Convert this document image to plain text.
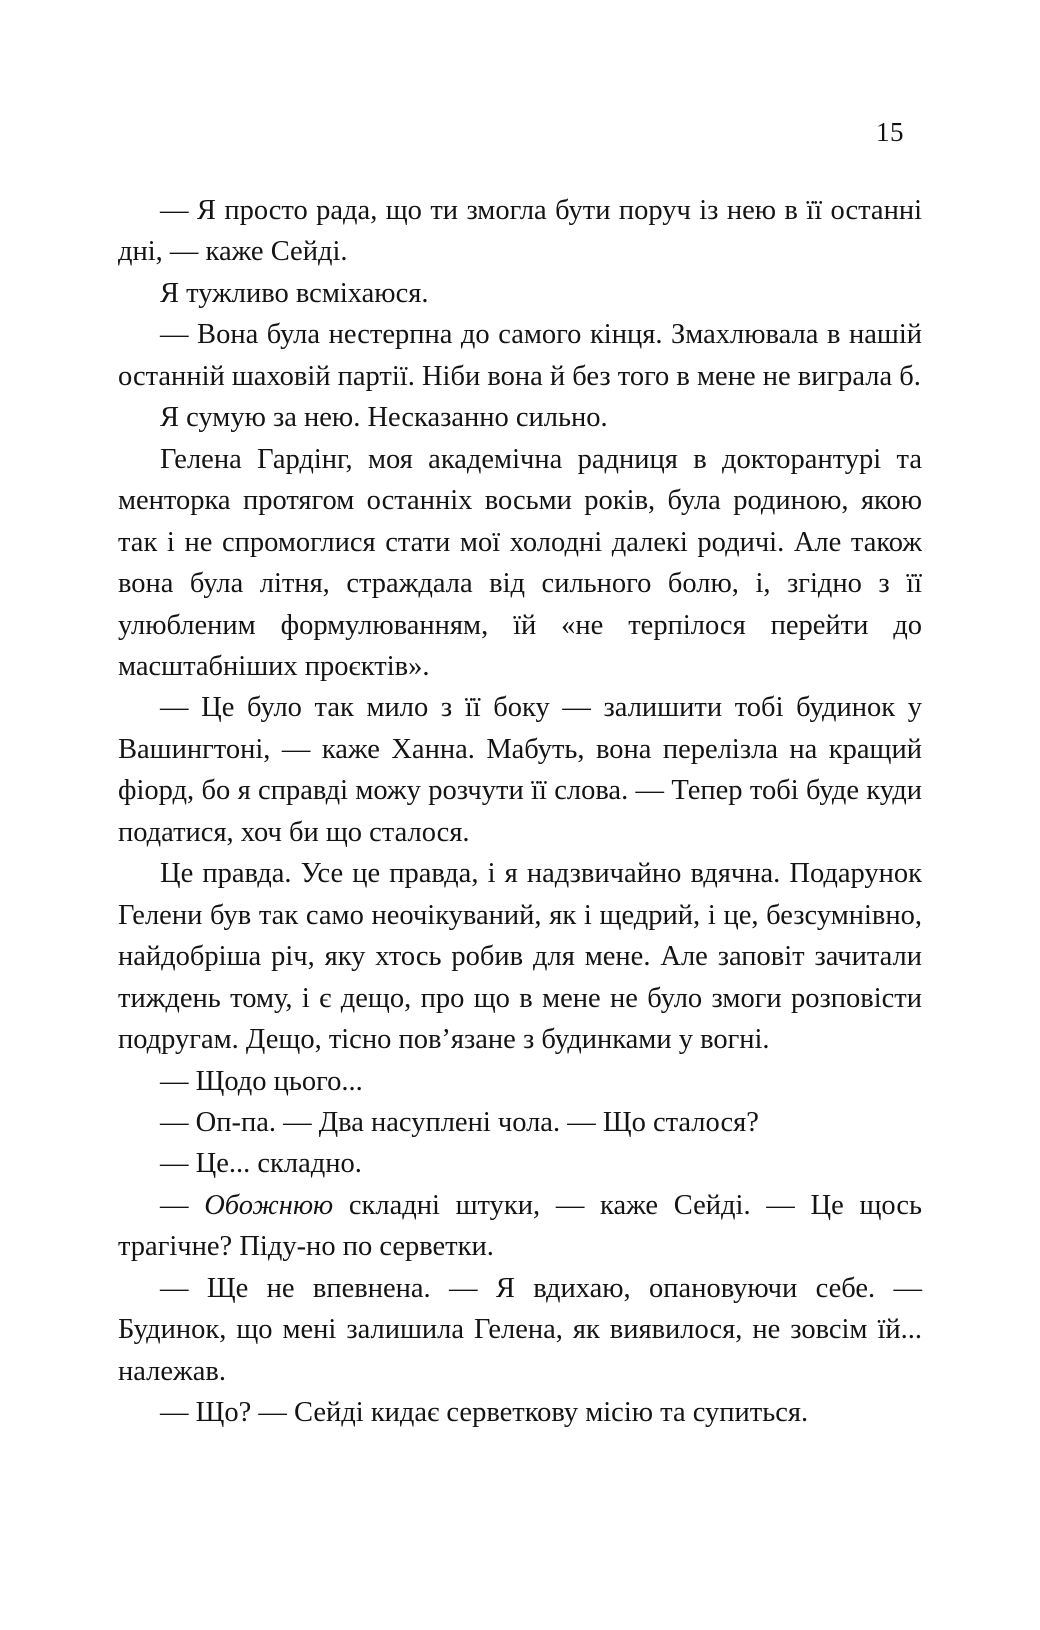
15

— Я просто рада, що ти змогла бути поруч із нею в її останні дні, — каже Сейді.

Я тужливо всміхаюся.

— Вона була нестерпна до самого кінця. Змахлювала в нашій останній шаховій партії. Ніби вона й без того в мене не виграла б.

Я сумую за нею. Несказанно сильно.

Гелена Гардінг, моя академічна радниця в докторантурі та менторка протягом останніх восьми років, була родиною, якою так і не спромоглися стати мої холодні далекі родичі. Але також вона була літня, страждала від сильного болю, і, згідно з її улюбленим формулюванням, їй «не терпілося перейти до масштабніших проєктів».

— Це було так мило з її боку — залишити тобі будинок у Вашингтоні, — каже Ханна. Мабуть, вона перелізла на кращий фіорд, бо я справді можу розчути її слова. — Тепер тобі буде куди податися, хоч би що сталося.

Це правда. Усе це правда, і я надзвичайно вдячна. Подарунок Гелени був так само неочікуваний, як і щедрий, і це, безсумнівно, найдобріша річ, яку хтось робив для мене. Але заповіт зачитали тиждень тому, і є дещо, про що в мене не було змоги розповісти подругам. Дещо, тісно пов’язане з будинками у вогні.

— Щодо цього...

— Оп-па. — Два насуплені чола. — Що сталося?

— Це... складно.

— Обожнюю складні штуки, — каже Сейді. — Це щось трагічне? Піду-но по серветки.

— Ще не впевнена. — Я вдихаю, опановуючи себе. — Будинок, що мені залишила Гелена, як виявилося, не зовсім їй... належав.

— Що? — Сейді кидає серветкову місію та супиться.
